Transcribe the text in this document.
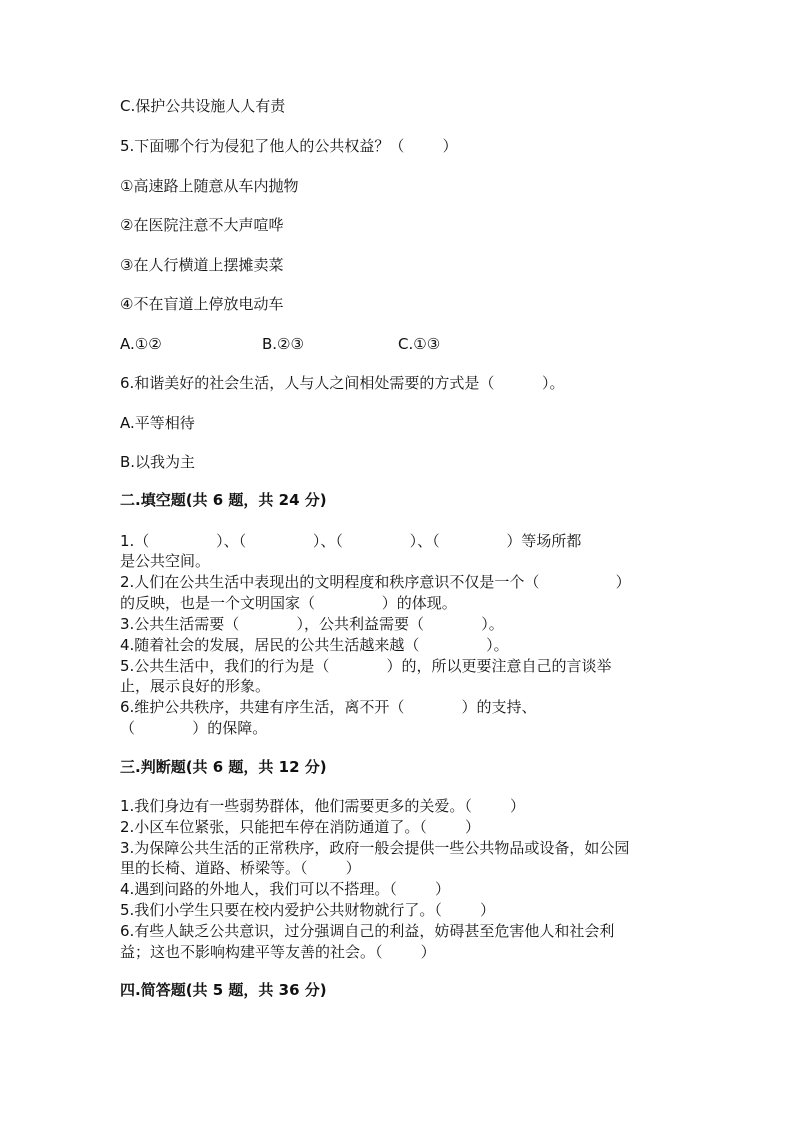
C.保护公共设施人人有责
5.下面哪个行为侵犯了他人的公共权益？（        ）
①高速路上随意从车内抛物
②在医院注意不大声喧哗
③在人行横道上摆摊卖菜
④不在盲道上停放电动车
A.①②	B.②③	C.①③
6.和谐美好的社会生活，人与人之间相处需要的方式是（          ）。
A.平等相待
B.以我为主
二.填空题(共 6 题，共 24 分)
1.（              ）、（              ）、（              ）、（              ）等场所都
是公共空间。
2.人们在公共生活中表现出的文明程度和秩序意识不仅是一个（                ）
的反映，也是一个文明国家（              ）的体现。
3.公共生活需要（            ），公共利益需要（            ）。
4.随着社会的发展，居民的公共生活越来越（              ）。
5.公共生活中，我们的行为是（            ）的，所以更要注意自己的言谈举
止，展示良好的形象。
6.维护公共秩序，共建有序生活，离不开（            ）的支持、
（            ）的保障。
三.判断题(共 6 题，共 12 分)
1.我们身边有一些弱势群体，他们需要更多的关爱。（        ）
2.小区车位紧张，只能把车停在消防通道了。（        ）
3.为保障公共生活的正常秩序，政府一般会提供一些公共物品或设备，如公园
里的长椅、道路、桥梁等。（        ）
4.遇到问路的外地人，我们可以不搭理。（        ）
5.我们小学生只要在校内爱护公共财物就行了。（        ）
6.有些人缺乏公共意识，过分强调自己的利益，妨碍甚至危害他人和社会利
益；这也不影响构建平等友善的社会。（        ）
四.简答题(共 5 题，共 36 分)
